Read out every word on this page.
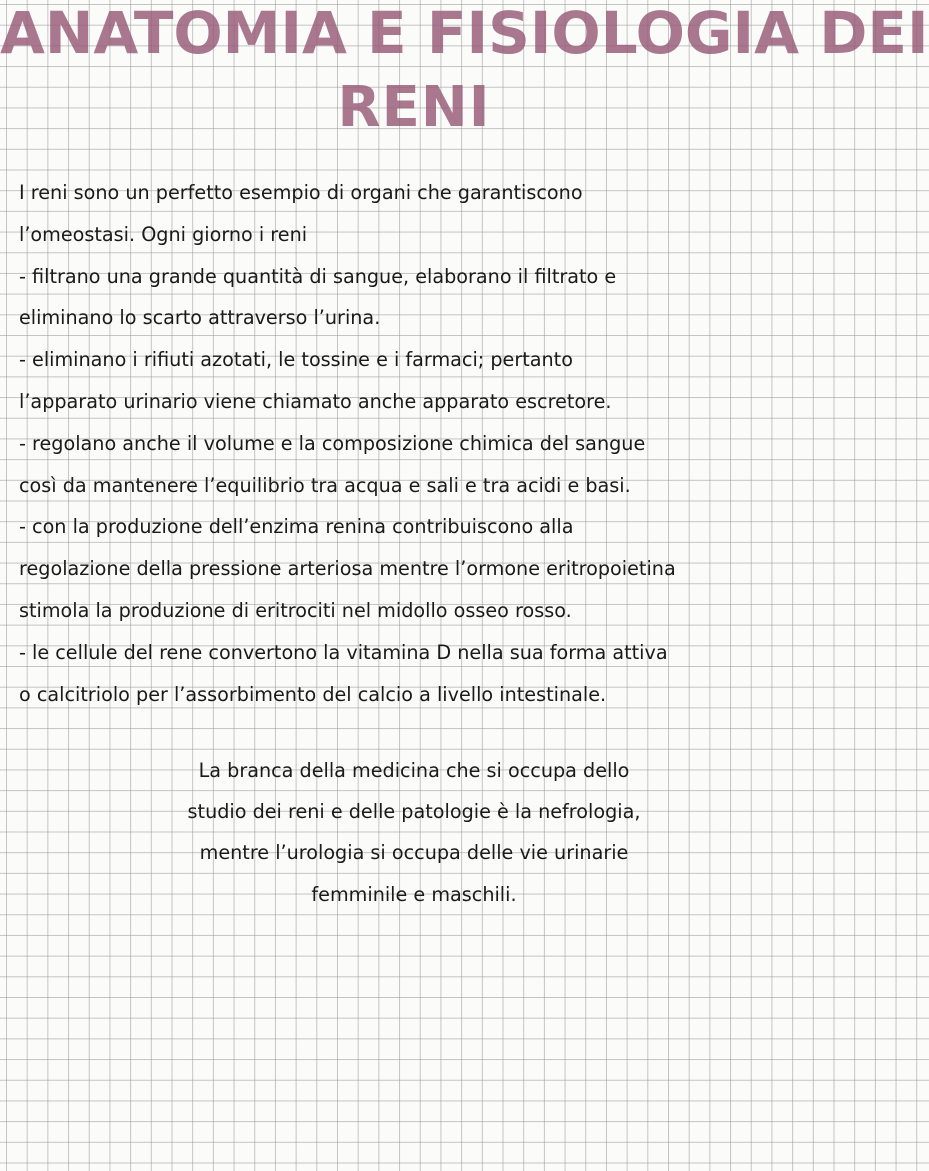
ANATOMIA E FISIOLOGIA DEI
RENI

I reni sono un perfetto esempio di organi che garantiscono

l’omeostasi. Ogni giorno i reni

- filtrano una grande quantità di sangue, elaborano il filtrato e

eliminano lo scarto attraverso l’urina.

- eliminano i rifiuti azotati, le tossine e i farmaci; pertanto

l’apparato urinario viene chiamato anche apparato escretore.

- regolano anche il volume e la composizione chimica del sangue

così da mantenere l’equilibrio tra acqua e sali e tra acidi e basi.

- con la produzione dell’enzima renina contribuiscono alla

regolazione della pressione arteriosa mentre l’ormone eritropoietina

stimola la produzione di eritrociti nel midollo osseo rosso.

- le cellule del rene convertono la vitamina D nella sua forma attiva

o calcitriolo per l’assorbimento del calcio a livello intestinale.

La branca della medicina che si occupa dello

studio dei reni e delle patologie è la nefrologia,

mentre l’urologia si occupa delle vie urinarie

femminile e maschili.
